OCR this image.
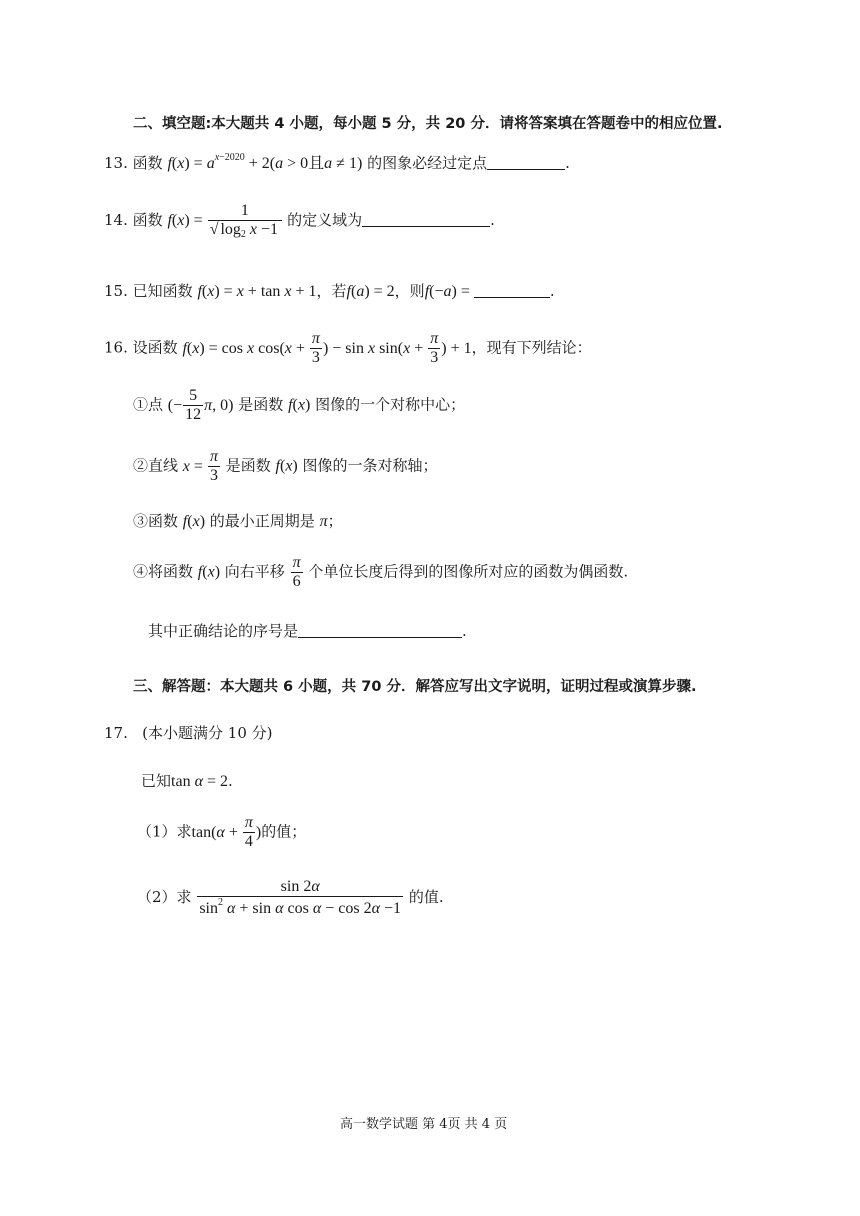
二、填空题:本大题共 4 小题，每小题 5 分，共 20 分．请将答案填在答题卷中的相应位置.
13. 函数 $f(x) = a^{x-2020} + 2(a > 0$且a ≠ 1) 的图象必经过定点	.
14. 函数 $f(x) = \frac{1}{√ \log_2 x -1}$ 的定义域为	.
15. 已知函数 f(x) = x + tan x + 1，若f(a) = 2，则f(−a) =	.
16. 设函数 f(x) = cos x $\cos(x + \frac{\pi}{3}$ ) − sin x $\sin(x + \frac{\pi}{3}$ ) + 1，现有下列结论：
①点 (− $\frac{5}{12} \pi$, 0) 是函数 f(x) 图像的一个对称中心；
②直线 $x = \frac{\pi}{3}$ 是函数 f(x) 图像的一条对称轴；
③函数 f(x) 的最小正周期是 π；
④将函数 f(x) 向右平移 $\frac{\pi}{6}$ 个单位长度后得到的图像所对应的函数为偶函数.
其中正确结论的序号是	.
三、解答题：本大题共 6 小题，共 70 分．解答应写出文字说明，证明过程或演算步骤.
17. (本小题满分 10 分)
已知tan α = 2.
（1）求$\tan(\alpha + \frac{\pi}{4}$ )的值；
（2）求 $\frac{\sin 2\alpha}{\sin^2 \alpha + \sin \alpha \cos \alpha - \cos 2\alpha -1}$ 的值.
高一数学试题 第 4页 共 4 页
